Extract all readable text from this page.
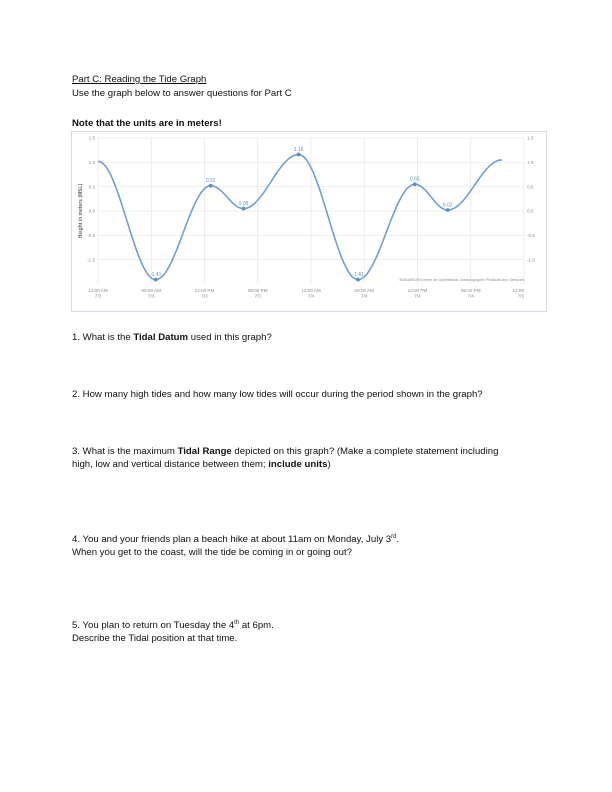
Part C: Reading the Tide Graph

Use the graph below to answer questions for Part C

Note that the units are in meters!

1.5	1.5
1.0	1.0
0.5	0.5
0.0	0.0
-0.5	-0.5
-1.0	-1.0
12:00 AM
7/3
06:00 AM
7/3
12:00 PM
7/3
06:00 PM
7/3
12:00 AM
7/4
06:00 AM
7/4
12:00 PM
7/4
06:00 PM
7/4
12:00
7/5
Height in meters (MSL)
-1.41
0.52
0.05
1.16
-1.41
0.55
0.02
NOAA/NOS/Center for Operational Oceanographic Products and Services

1. What is the Tidal Datum used in this graph?

2. How many high tides and how many low tides will occur during the period shown in the graph?

3. What is the maximum Tidal Range depicted on this graph? (Make a complete statement including
high, low and vertical distance between them; include units)

4. You and your friends plan a beach hike at about 11am on Monday, July 3rd.
When you get to the coast, will the tide be coming in or going out?

5. You plan to return on Tuesday the 4th at 6pm.
Describe the Tidal position at that time.
